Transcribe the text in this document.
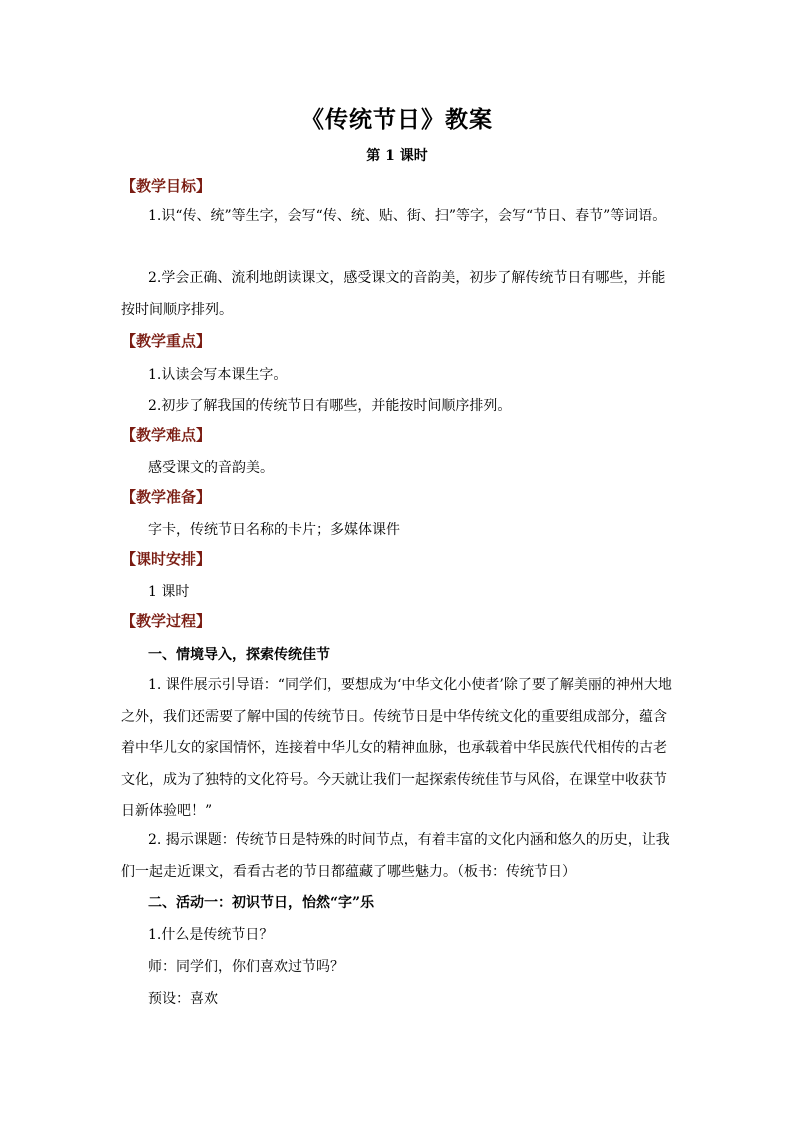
《传统节日》教案
第 1 课时
【教学目标】

1.识“传、统”等生字，会写“传、统、贴、街、扫”等字，会写“节日、春节”等词语。

2.学会正确、流利地朗读课文，感受课文的音韵美，初步了解传统节日有哪些，并能按时间顺序排列。

【教学重点】
1.认读会写本课生字。
2.初步了解我国的传统节日有哪些，并能按时间顺序排列。
【教学难点】
感受课文的音韵美。
【教学准备】
字卡，传统节日名称的卡片；多媒体课件
【课时安排】
1 课时
【教学过程】
一、情境导入，探索传统佳节

1. 课件展示引导语：“同学们，要想成为‘中华文化小使者’除了要了解美丽的神州大地之外，我们还需要了解中国的传统节日。传统节日是中华传统文化的重要组成部分，蕴含着中华儿女的家国情怀，连接着中华儿女的精神血脉，也承载着中华民族代代相传的古老文化，成为了独特的文化符号。今天就让我们一起探索传统佳节与风俗，在课堂中收获节日新体验吧！”

2. 揭示课题：传统节日是特殊的时间节点，有着丰富的文化内涵和悠久的历史，让我们一起走近课文，看看古老的节日都蕴藏了哪些魅力。（板书：传统节日）

二、活动一：初识节日，怡然“字”乐
1.什么是传统节日？
师：同学们，你们喜欢过节吗？
预设：喜欢
